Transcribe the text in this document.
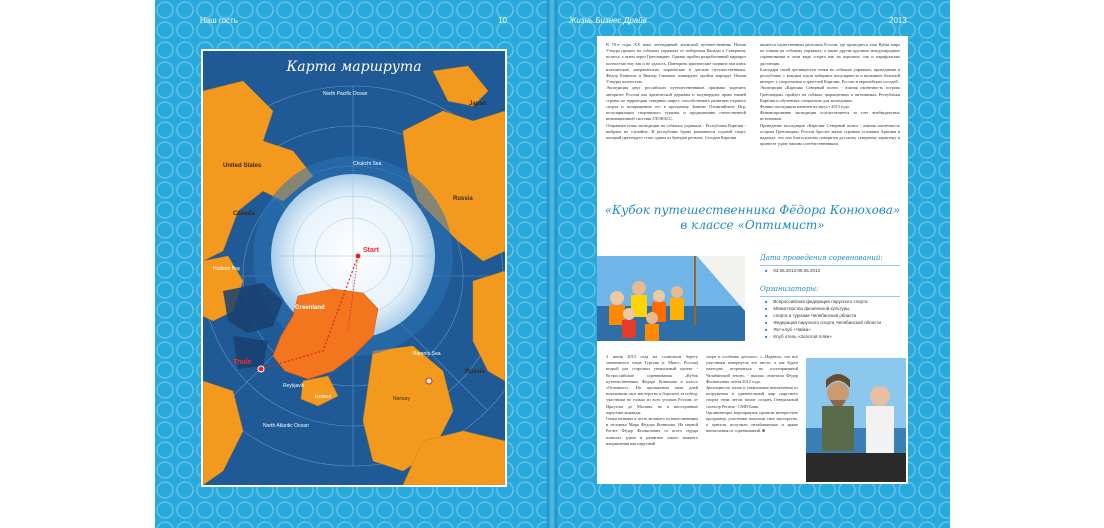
Наш гость	10
Карта маршрута
North Pacific Ocean
Japan
United States
Canada
Russia
Russia
Greenland
Start
Thule
Iceland
Reykjavik
North Atlantic Ocean
Norway
Barents Sea
Chukchi Sea
Hudson Bay
Жизнь.Бизнес.Драйв	2013
В 70-е годы XX века легендарный японский путешественник Наоми Уэмура прошел на собачьих упряжках от побережья Канады к Северному полюсу, а затем через Гренландию. Однако пройти разработанный маршрут полностью ему так и не удалось. Повторить арктические подвиги пытались итальянские, американские, норвежские и датские путешественники. Фёдор Конюхов и Виктор Симонов планируют пройти маршрут Наоми Уэмуры полностью.
Экспедиция двух российских путешественников призвана укрепить авторитет России как арктической державы и подтвердить право нашей страны на территории северных широт, способствовать развитию ездового спорта и возвращению его в программу Зимних Олимпийских Игр, популяризации спортивного туризма и продвижению отечественной инновационной системы ГЛОНАСС.
Отправная точка экспедиции на собачьих упряжках - Республика Карелия - выбрана не случайно. В республике бурно развивается ездовой спорт, который претендует стать одним из брендов региона. Сегодня Карелия
является единственным регионом России, где проводится этап Кубка мира по гонкам на собачьих упряжках, а также другие крупные международные соревнования в этом виде спорта как на короткие, так и марафонские дистанции.
Благодаря своей зрелищности гонки на собачьих упряжках, проводимые в республике, с каждым годом набирают популярность и вызывают большой интерес у спортсменов и зрителей Карелии, России и европейских соседей.
Экспедиция «Карелия: Северный полюс - южная оконечность острова Гренландия» пройдет на собаках, выращенных в питомниках Республики Карелия и обученных специально для экспедиции.
Финиш экспедиции намечен на август 2013 года.
Финансирование экспедиции осуществляется за счет внебюджетных источников.
Проведение экспедиции «Карелия: Северный полюс - южная оконечность острова Гренландия» России бросает вызов суровым условиям Арктики в надежде, что она благосклонно покорится русскому северному характеру и принесет удачу нашим соотечественникам.
«Кубок путешественника Фёдора Конюхова»
в классе «Оптимист»
Дата проведения соревнований:
■ 03.06.2013-08.06.2013
Организаторы:
■ Всероссийская федерация парусного спорта
■ Министерство физической культуры,
■ спорта и туризма Челябинской области
■ Федерация парусного спорта Челябинской области
■ Яхт-клуб «Чайка»
■ Клуб отель «Золотой пляж»
3 июня 2013 года на солнечном берегу знаменитого озера Тургояк (г. Миасс, Россия) второй раз стартовал уникальный проект - Всероссийские соревнования «Кубок путешественника Фёдора Конюхова в классе «Оптимист». На протяжении пяти дней показывали свое мастерство и боролись за победу участники не только из всех уголков России, от Иркутска до Москвы, но и иностранные парусные команды.
Гонки названы в честь великого путешественника и человека Мира Фёдора Конюхова. На первой Регате Фёдор Филиппович со всего сердца пожелал удачи в развитии такого важного направления как парусный
спорт и особенно детского: «...Надеюсь, что все участники повернутся это место, а мы будем ежегодно встречаться на гостеприимной Челябинской земле» - высоко отметили Фёдор Филиппович летом 2012 года.
Зрелищность гонок и уникальные впечатления от погружения в удивительный мир парусного спорта этим летом помог создать Генеральный спонсор Регаты - СМП-Банк.
Организаторы мероприятия провели интересную программу, участники показали свое мастерство, а зрители получили незабываемые и яркие впечатления от соревнований. ■
